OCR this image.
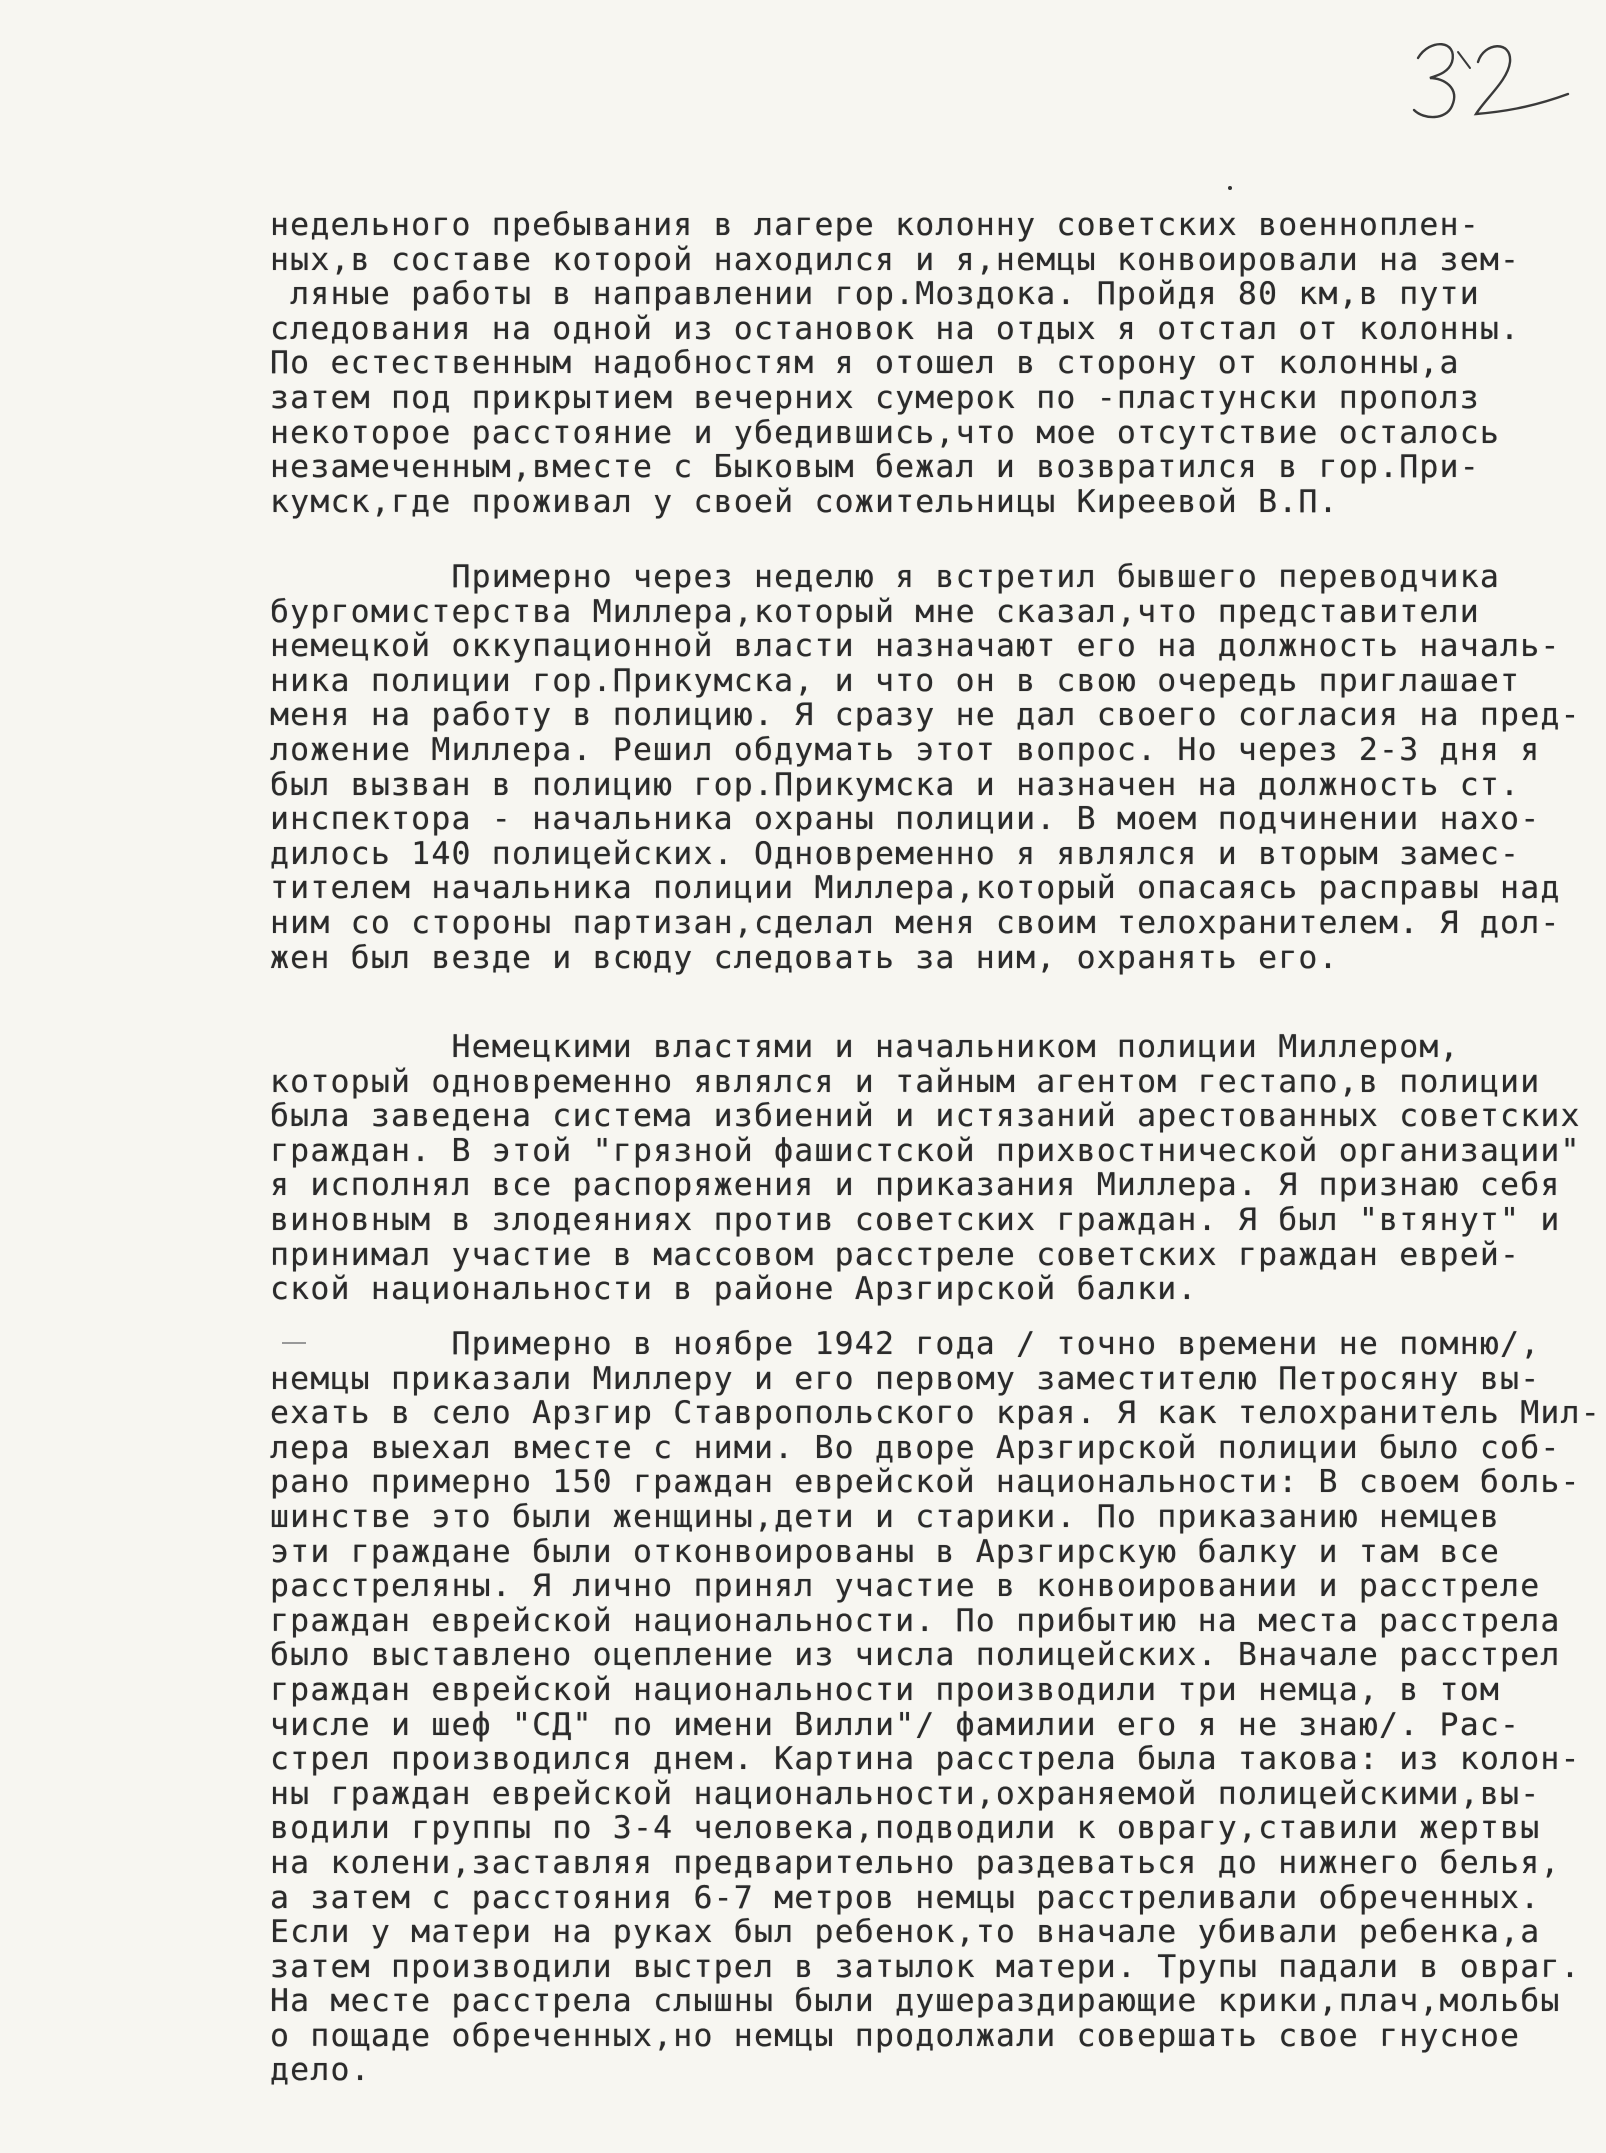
недельного пребывания в лагере колонну советских военноплен-
ных,в составе которой находился и я,немцы конвоировали на зем-
ляные работы в направлении гор.Моздока. Пройдя 80 км,в пути
следования на одной из остановок на отдых я отстал от колонны.
По естественным надобностям я отошел в сторону от колонны,а
затем под прикрытием вечерних сумерок по -пластунски прополз
некоторое расстояние и убедившись,что мое отсутствие осталось
незамеченным,вместе с Быковым бежал и возвратился в гор.При-
кумск,где проживал у своей сожительницы Киреевой В.П.
Примерно через неделю я встретил бывшего переводчика
бургомистерства Миллера,который мне сказал,что представители
немецкой оккупационной власти назначают его на должность началь-
ника полиции гор.Прикумска, и что он в свою очередь приглашает
меня на работу в полицию. Я сразу не дал своего согласия на пред-
ложение Миллера. Решил обдумать этот вопрос. Но через 2-3 дня я
был вызван в полицию гор.Прикумска и назначен на должность ст.
инспектора - начальника охраны полиции. В моем подчинении нахо-
дилось 140 полицейских. Одновременно я являлся и вторым замес-
тителем начальника полиции Миллера,который опасаясь расправы над
ним со стороны партизан,сделал меня своим телохранителем. Я дол-
жен был везде и всюду следовать за ним, охранять его.
Немецкими властями и начальником полиции Миллером,
который одновременно являлся и тайным агентом гестапо,в полиции
была заведена система избиений и истязаний арестованных советских
граждан. В этой "грязной фашистской прихвостнической организации"
я исполнял все распоряжения и приказания Миллера. Я признаю себя
виновным в злодеяниях против советских граждан. Я был "втянут" и
принимал участие в массовом расстреле советских граждан еврей-
ской национальности в районе Арзгирской балки.
Примерно в ноябре 1942 года / точно времени не помню/,
немцы приказали Миллеру и его первому заместителю Петросяну вы-
ехать в село Арзгир Ставропольского края. Я как телохранитель Мил-
лера выехал вместе с ними. Во дворе Арзгирской полиции было соб-
рано примерно 150 граждан еврейской национальности: В своем боль-
шинстве это были женщины,дети и старики. По приказанию немцев
эти граждане были отконвоированы в Арзгирскую балку и там все
расстреляны. Я лично принял участие в конвоировании и расстреле
граждан еврейской национальности. По прибытию на места расстрела
было выставлено оцепление из числа полицейских. Вначале расстрел
граждан еврейской национальности производили три немца, в том
числе и шеф "СД" по имени Вилли"/ фамилии его я не знаю/. Рас-
стрел производился днем. Картина расстрела была такова: из колон-
ны граждан еврейской национальности,охраняемой полицейскими,вы-
водили группы по 3-4 человека,подводили к оврагу,ставили жертвы
на колени,заставляя предварительно раздеваться до нижнего белья,
а затем с расстояния 6-7 метров немцы расстреливали обреченных.
Если у матери на руках был ребенок,то вначале убивали ребенка,а
затем производили выстрел в затылок матери. Трупы падали в овраг.
На месте расстрела слышны были душераздирающие крики,плач,мольбы
о пощаде обреченных,но немцы продолжали совершать свое гнусное
дело.
